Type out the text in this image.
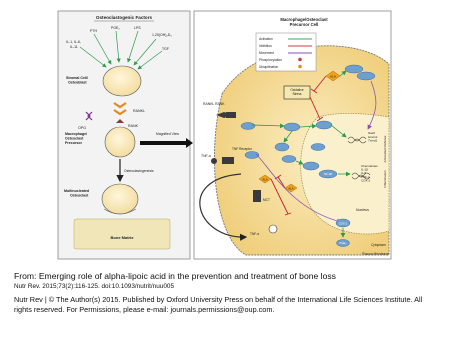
Osteoclastogenic Factors
IL-1, IL-6,
IL-11
PTH
PGE₂	LPS
1,25(OH)₂D₃
TGF
Stromal Cell/ Osteoblast
OPG
RANKL
RANK
Macrophage/ Osteoclast Precursor
Osteoclastogenesis
Multinucleated Osteoclast
Bone Matrix
Magnified View
Macrophage/Osteoclast Precursor Cell
Activation
Inhibition
Movement
Phosphorylation
Ubiquitination
RANKL RANK
Oxidative Stress
ALA
ALA
ALA
Sod2 Hmox1 Txnrd1	Antioxidant Defense
Chemokines IL-1β IL-6 TNF-α COX-2	Inflammation
NF-κB
Nucleus
TNF-α
TNF Receptor
TNF-α
MCT
COX-2
PGE₂	Cytoplasm
Plasma Membrane

From: Emerging role of alpha-lipoic acid in the prevention and treatment of bone loss

Nutr Rev. 2015;73(2):116-125. doi:10.1093/nutrit/nuu005

Nutr Rev | © The Author(s) 2015. Published by Oxford University Press on behalf of the International Life Sciences Institute. All rights reserved. For Permissions, please e-mail: journals.permissions@oup.com.
